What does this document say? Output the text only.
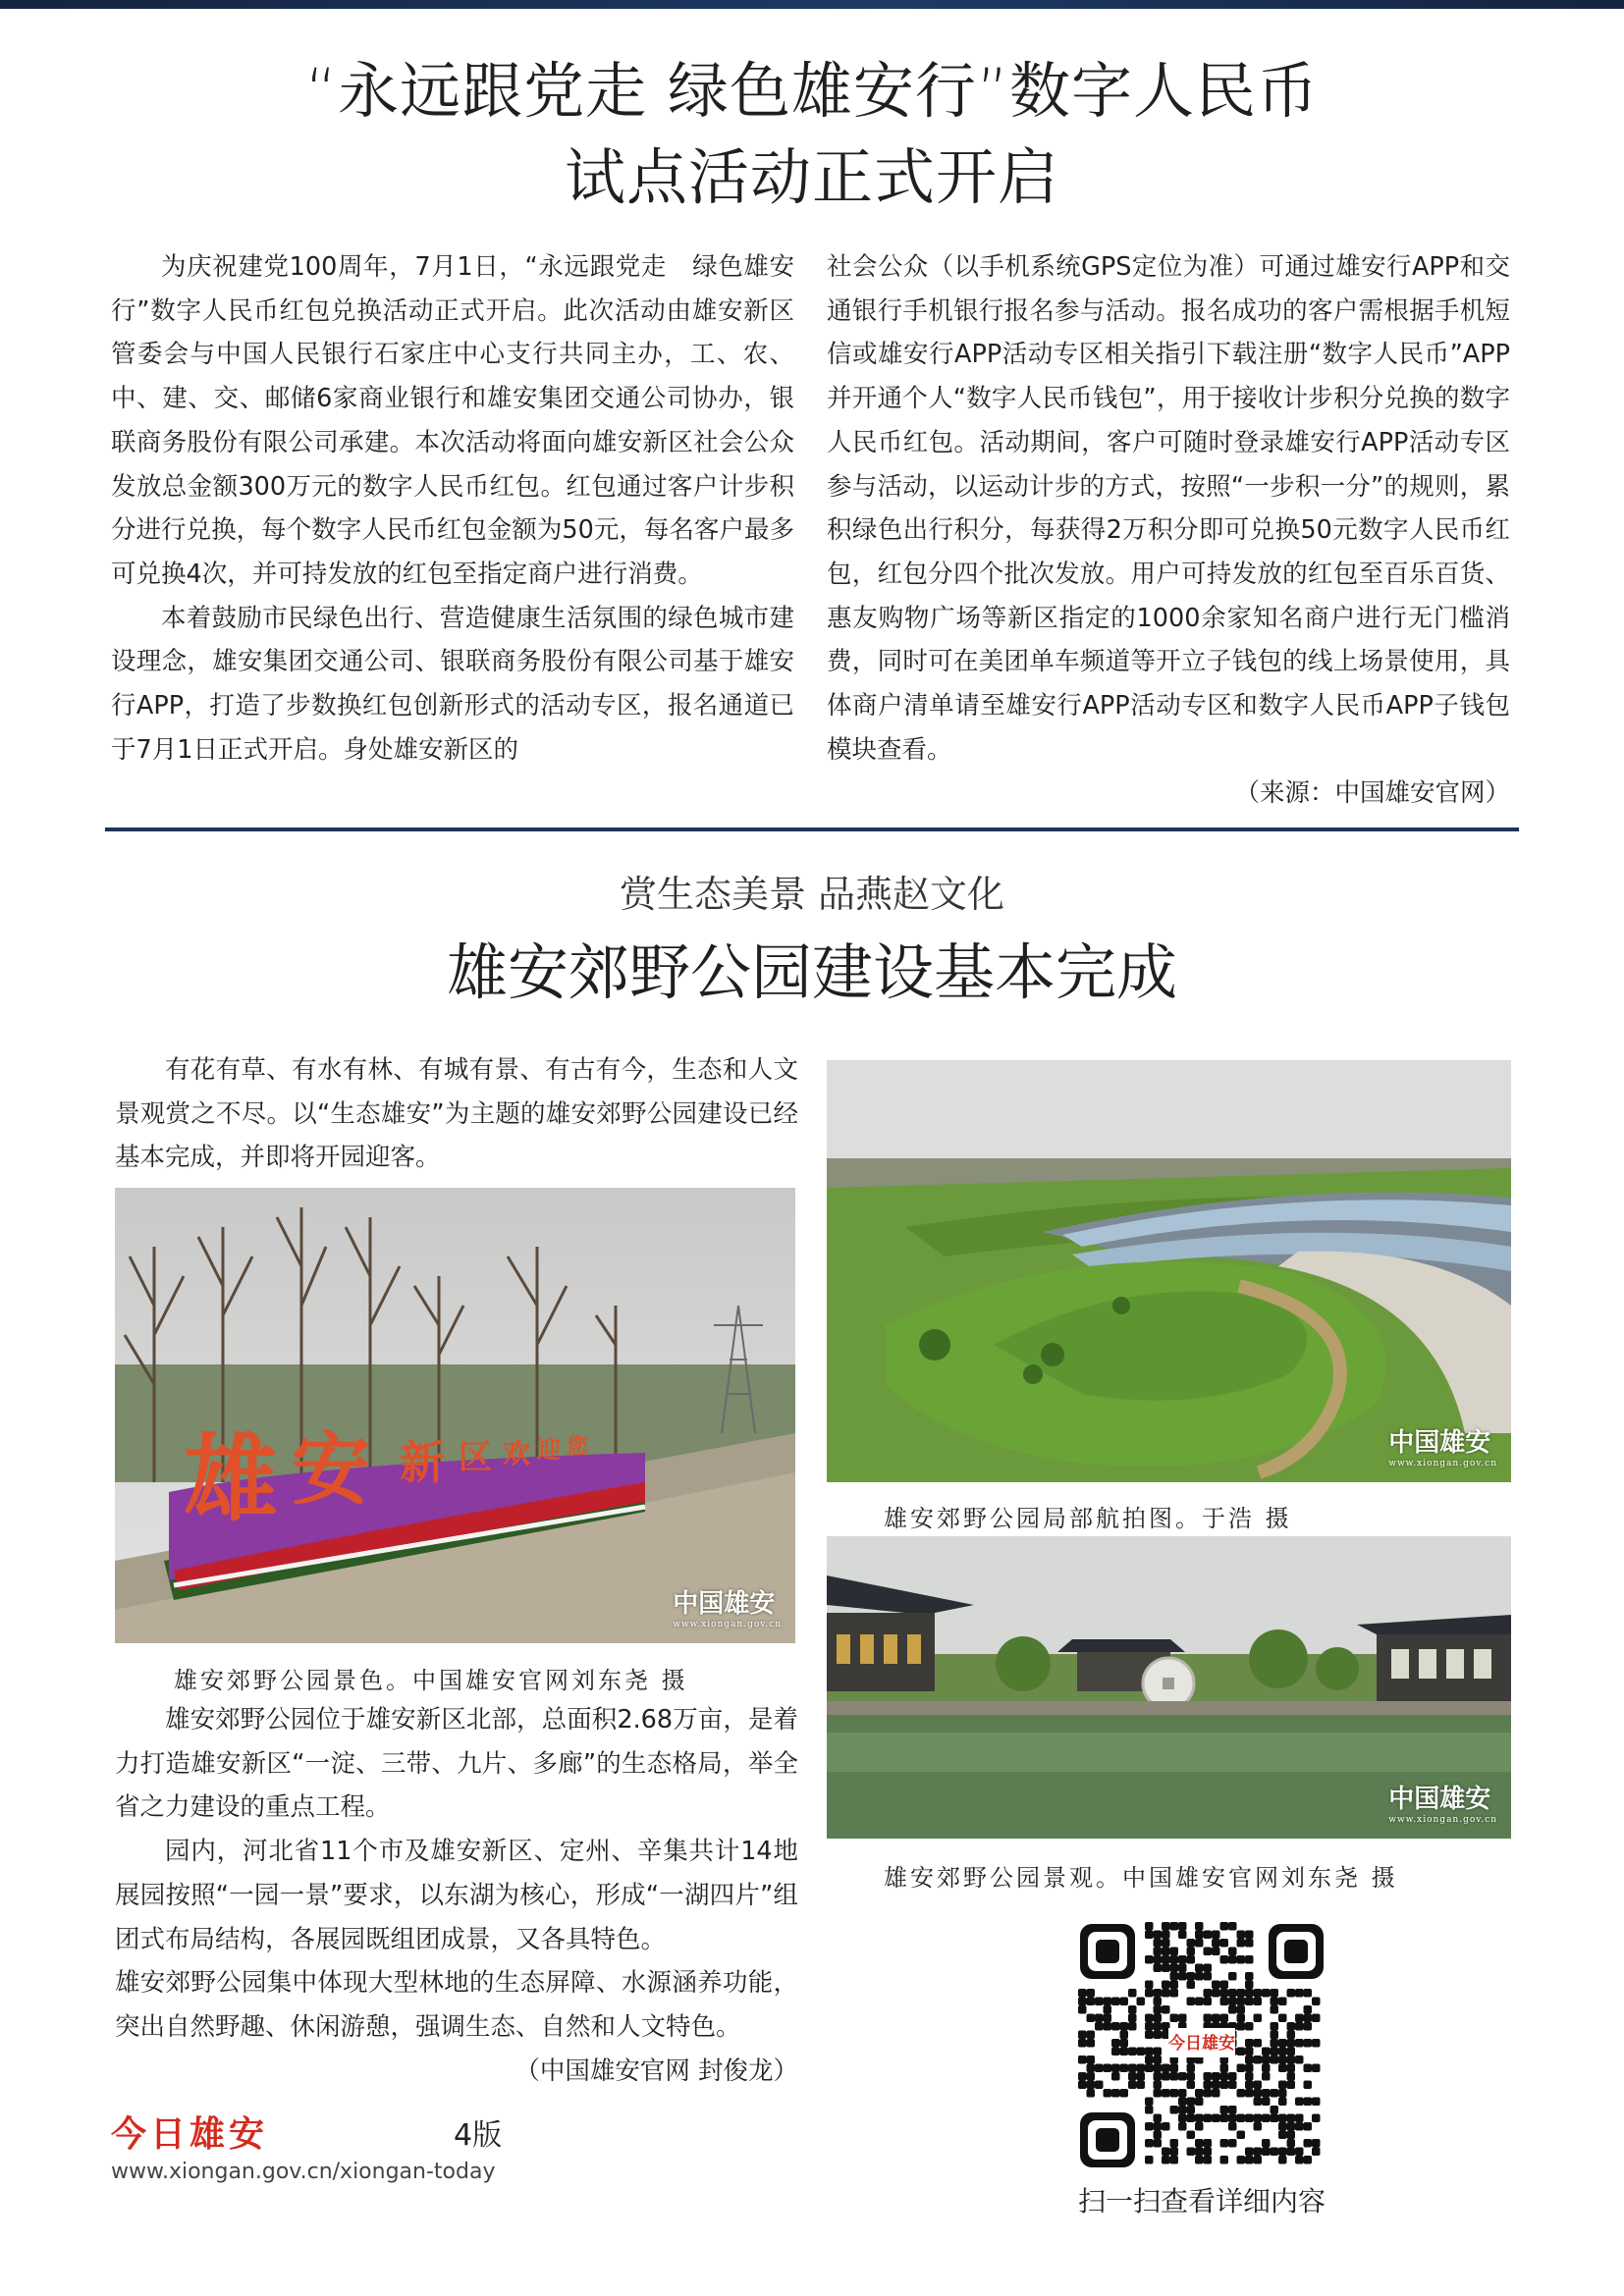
“永远跟党走 绿色雄安行”数字人民币
试点活动正式开启

为庆祝建党100周年，7月1日，“永远跟党走　绿色雄安行”数字人民币红包兑换活动正式开启。此次活动由雄安新区管委会与中国人民银行石家庄中心支行共同主办，工、农、中、建、交、邮储6家商业银行和雄安集团交通公司协办，银联商务股份有限公司承建。本次活动将面向雄安新区社会公众发放总金额300万元的数字人民币红包。红包通过客户计步积分进行兑换，每个数字人民币红包金额为50元，每名客户最多可兑换4次，并可持发放的红包至指定商户进行消费。

本着鼓励市民绿色出行、营造健康生活氛围的绿色城市建设理念，雄安集团交通公司、银联商务股份有限公司基于雄安行APP，打造了步数换红包创新形式的活动专区，报名通道已于7月1日正式开启。身处雄安新区的

社会公众（以手机系统GPS定位为准）可通过雄安行APP和交通银行手机银行报名参与活动。报名成功的客户需根据手机短信或雄安行APP活动专区相关指引下载注册“数字人民币”APP并开通个人“数字人民币钱包”，用于接收计步积分兑换的数字人民币红包。活动期间，客户可随时登录雄安行APP活动专区参与活动，以运动计步的方式，按照“一步积一分”的规则，累积绿色出行积分，每获得2万积分即可兑换50元数字人民币红包，红包分四个批次发放。用户可持发放的红包至百乐百货、惠友购物广场等新区指定的1000余家知名商户进行无门槛消费，同时可在美团单车频道等开立子钱包的线上场景使用，具体商户清单请至雄安行APP活动专区和数字人民币APP子钱包模块查看。

（来源：中国雄安官网）
赏生态美景 品燕赵文化
雄安郊野公园建设基本完成

有花有草、有水有林、有城有景、有古有今，生态和人文景观赏之不尽。以“生态雄安”为主题的雄安郊野公园建设已经基本完成，并即将开园迎客。

雄 安 新 区 欢 迎 您
中国雄安
www.xiongan.gov.cn
雄安郊野公园景色。中国雄安官网刘东尧 摄

雄安郊野公园位于雄安新区北部，总面积2.68万亩，是着力打造雄安新区“一淀、三带、九片、多廊”的生态格局，举全省之力建设的重点工程。

园内，河北省11个市及雄安新区、定州、辛集共计14地展园按照“一园一景”要求，以东湖为核心，形成“一湖四片”组团式布局结构，各展园既组团成景，又各具特色。

雄安郊野公园集中体现大型林地的生态屏障、水源涵养功能，突出自然野趣、休闲游憩，强调生态、自然和人文特色。

（中国雄安官网 封俊龙）
中国雄安
www.xiongan.gov.cn
雄安郊野公园局部航拍图。于浩 摄
中国雄安
www.xiongan.gov.cn
雄安郊野公园景观。中国雄安官网刘东尧 摄
今日雄安
扫一扫查看详细内容
今日雄安	4版
www.xiongan.gov.cn/xiongan-today
